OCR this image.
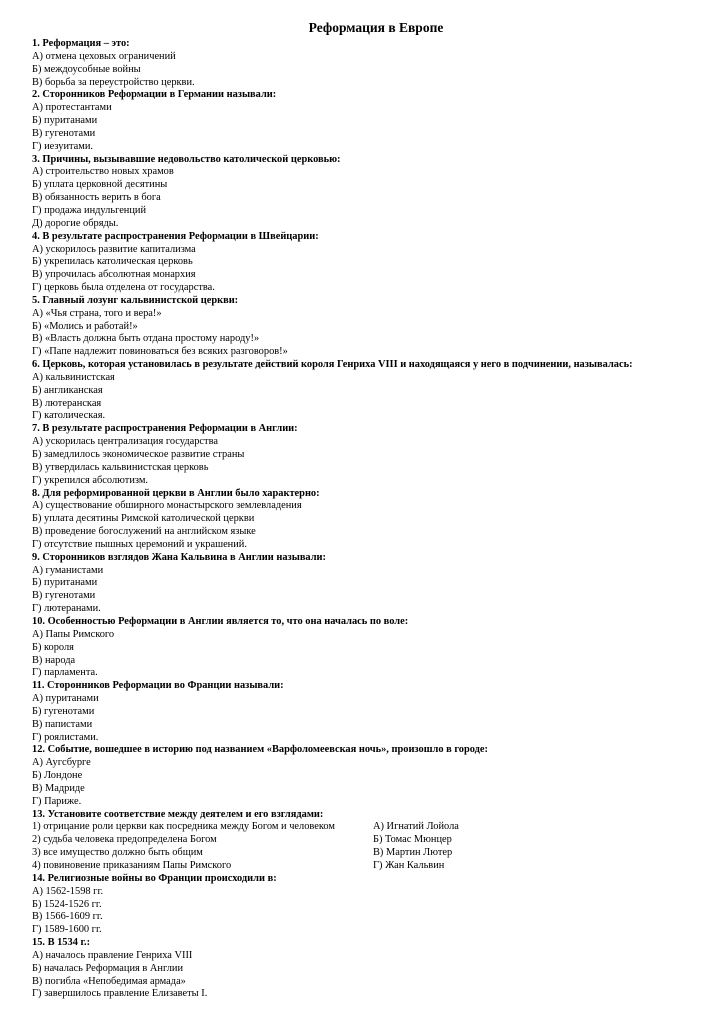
Реформация в Европе
1. Реформация – это:
А) отмена цеховых ограничений
Б) междоусобные войны
В) борьба за переустройство церкви.
2. Сторонников Реформации в Германии называли:
А) протестантами
Б) пуританами
В) гугенотами
Г) иезуитами.
3. Причины, вызывавшие недовольство католической церковью:
А) строительство новых храмов
Б) уплата церковной десятины
В) обязанность верить в бога
Г) продажа индульгенций
Д) дорогие обряды.
4. В результате распространения Реформации в Швейцарии:
А) ускорилось развитие капитализма
Б) укрепилась католическая церковь
В) упрочилась абсолютная монархия
Г) церковь была отделена от государства.
5. Главный лозунг кальвинистской церкви:
А) «Чья страна, того и вера!»
Б) «Молись и работай!»
В) «Власть должна быть отдана простому народу!»
Г) «Папе надлежит повиноваться без всяких разговоров!»
6. Церковь, которая установилась в результате действий короля Генриха VIII и находящаяся у него в подчинении, называлась:
А) кальвинистская
Б) англиканская
В) лютеранская
Г) католическая.
7. В результате распространения Реформации в Англии:
А) ускорилась централизация государства
Б) замедлилось экономическое развитие страны
В) утвердилась кальвинистская церковь
Г) укрепился абсолютизм.
8. Для реформированной церкви в Англии было характерно:
А) существование обширного монастырского землевладения
Б) уплата десятины Римской католической церкви
В) проведение богослужений на английском языке
Г) отсутствие пышных церемоний и украшений.
9. Сторонников взглядов Жана Кальвина в Англии называли:
А) гуманистами
Б) пуританами
В) гугенотами
Г) лютеранами.
10. Особенностью Реформации в Англии является то, что она началась по воле:
А) Папы Римского
Б) короля
В) народа
Г) парламента.
11. Сторонников Реформации во Франции называли:
А) пуританами
Б) гугенотами
В) папистами
Г) роялистами.
12. Событие, вошедшее в историю под названием «Варфоломеевская ночь», произошло в городе:
А) Аугсбурге
Б) Лондоне
В) Мадриде
Г) Париже.
13. Установите соответствие между деятелем и его взглядами:
1) отрицание роли церкви как посредника между Богом и человеком	А) Игнатий Лойола
2) судьба человека предопределена Богом	Б) Томас Мюнцер
3) все имущество должно быть общим	В) Мартин Лютер
4) повиновение приказаниям Папы Римского	Г) Жан Кальвин
14. Религиозные войны во Франции происходили в:
А) 1562-1598 гг.
Б) 1524-1526 гг.
В) 1566-1609 гг.
Г) 1589-1600 гг.
15. В 1534 г.:
А) началось правление Генриха VIII
Б) началась Реформация в Англии
В) погибла «Непобедимая армада»
Г) завершилось правление Елизаветы I.
